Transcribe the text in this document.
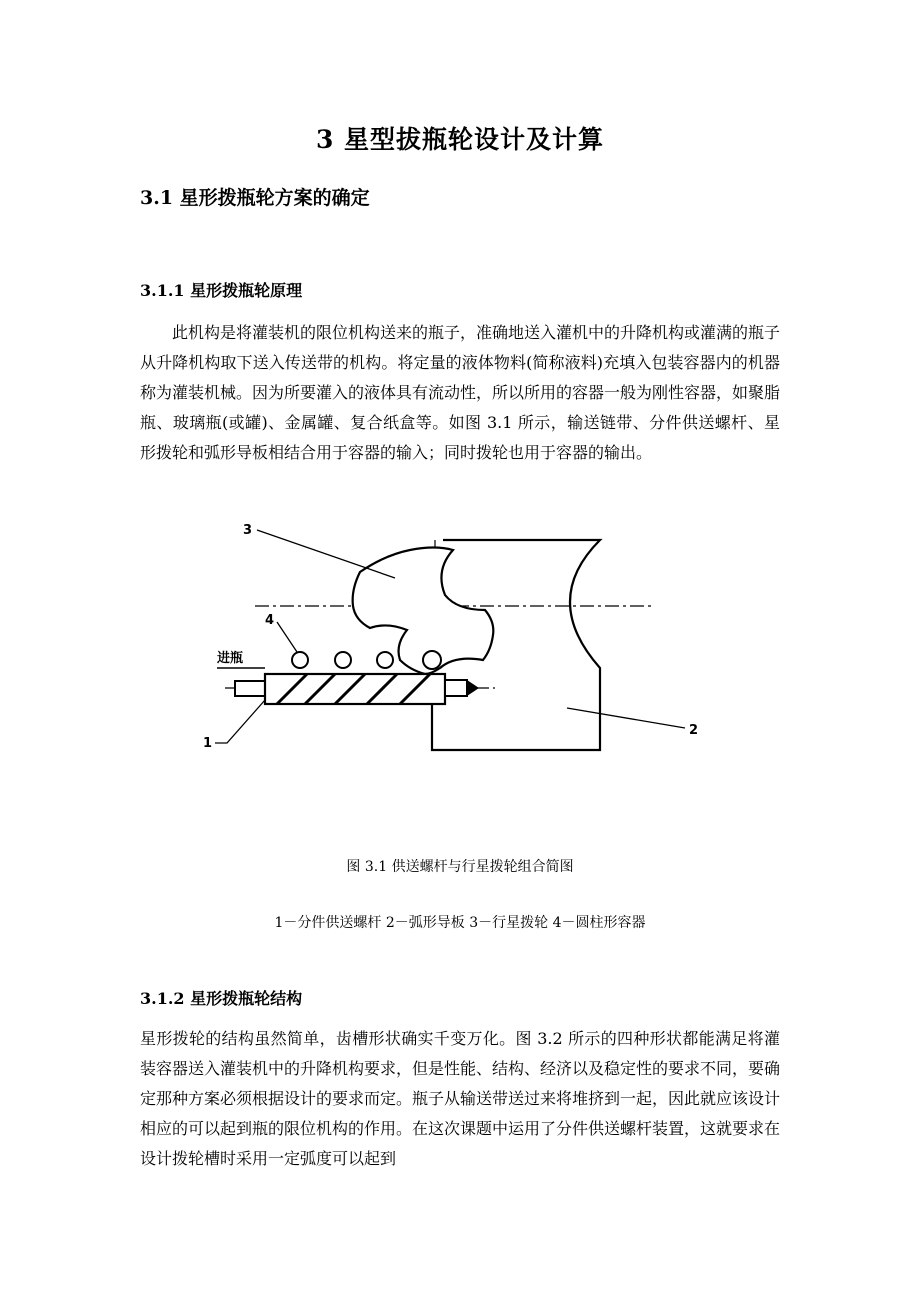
3 星型拔瓶轮设计及计算
3.1 星形拨瓶轮方案的确定
3.1.1 星形拨瓶轮原理

此机构是将灌装机的限位机构送来的瓶子，准确地送入灌机中的升降机构或灌满的瓶子从升降机构取下送入传送带的机构。将定量的液体物料(简称液料)充填入包装容器内的机器称为灌装机械。因为所要灌入的液体具有流动性，所以所用的容器一般为刚性容器，如聚脂瓶、玻璃瓶(或罐)、金属罐、复合纸盒等。如图 3.1 所示，输送链带、分件供送螺杆、星形拨轮和弧形导板相结合用于容器的输入；同时拨轮也用于容器的输出。

3
4
进瓶
1
2
图 3.1 供送螺杆与行星拨轮组合简图
1－分件供送螺杆 2－弧形导板 3－行星拨轮 4－圆柱形容器
3.1.2 星形拨瓶轮结构

星形拨轮的结构虽然简单，齿槽形状确实千变万化。图 3.2 所示的四种形状都能满足将灌装容器送入灌装机中的升降机构要求，但是性能、结构、经济以及稳定性的要求不同，要确定那种方案必须根据设计的要求而定。瓶子从输送带送过来将堆挤到一起，因此就应该设计相应的可以起到瓶的限位机构的作用。在这次课题中运用了分件供送螺杆装置，这就要求在设计拨轮槽时采用一定弧度可以起到
